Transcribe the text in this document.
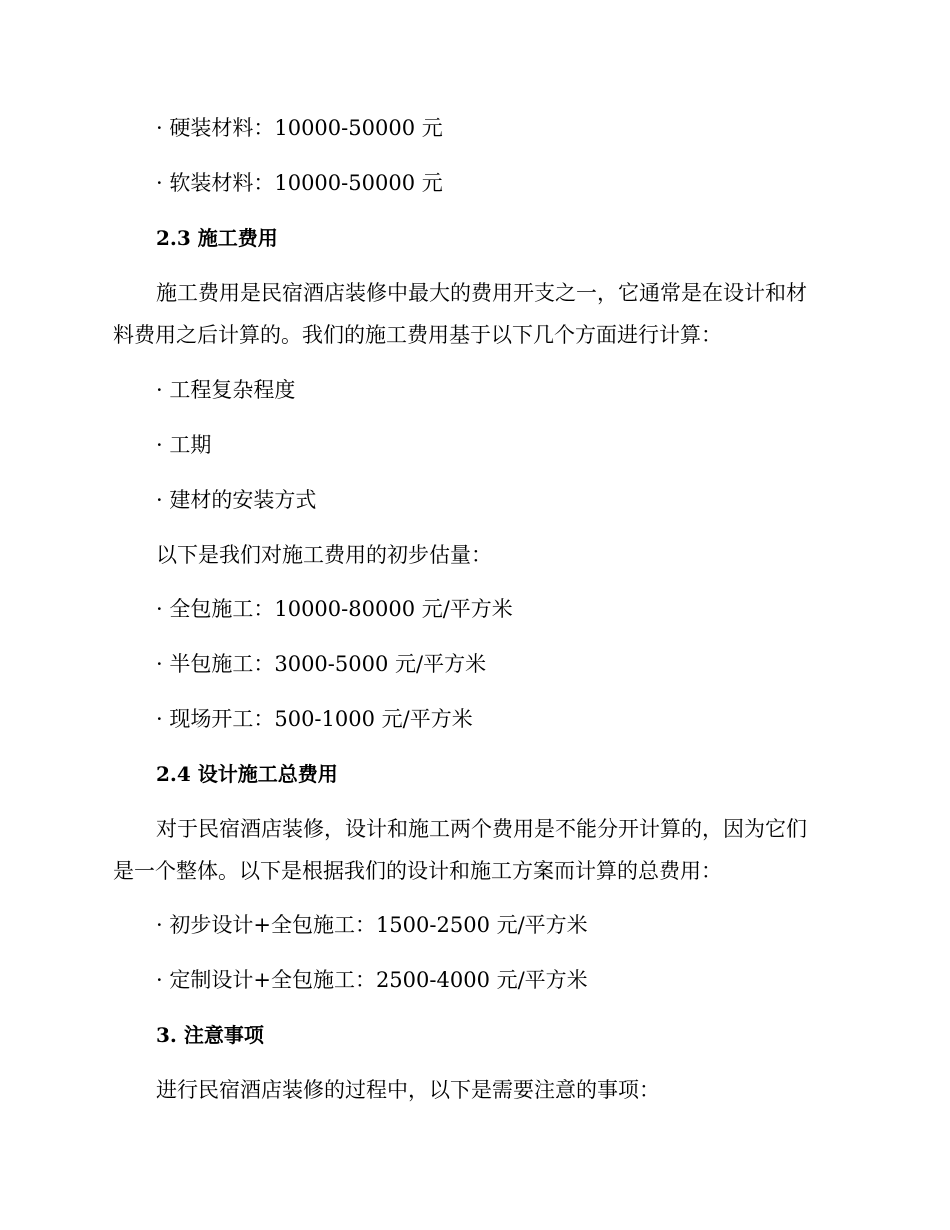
· 硬装材料：10000-50000 元
· 软装材料：10000-50000 元
2.3 施工费用
施工费用是民宿酒店装修中最大的费用开支之一，它通常是在设计和材
料费用之后计算的。我们的施工费用基于以下几个方面进行计算：
· 工程复杂程度
· 工期
· 建材的安装方式
以下是我们对施工费用的初步估量：
· 全包施工：10000-80000 元/平方米
· 半包施工：3000-5000 元/平方米
· 现场开工：500-1000 元/平方米
2.4 设计施工总费用
对于民宿酒店装修，设计和施工两个费用是不能分开计算的，因为它们
是一个整体。以下是根据我们的设计和施工方案而计算的总费用：
· 初步设计+全包施工：1500-2500 元/平方米
· 定制设计+全包施工：2500-4000 元/平方米
3. 注意事项
进行民宿酒店装修的过程中，以下是需要注意的事项：
